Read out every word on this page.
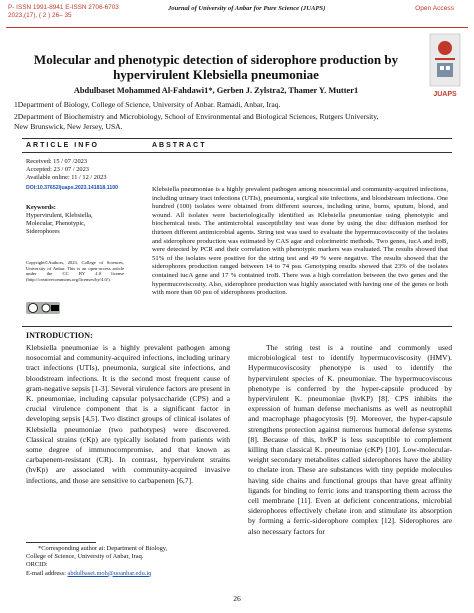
P- ISSN 1991-8941 E-ISSN 2706-6703
2023,(17), ( 2 ) 26– 35
Journal of University of Anbar for Pure Science (JUAPS)	Open Access
JUAPS
Molecular and phenotypic detection of siderophore production by
hypervirulent Klebsiella pneumoniae
Abdulbaset Mohammed Al-Fahdawi1*, Gerben J. Zylstra2, Thamer Y. Mutter1
1Department of Biology, College of Science, University of Anbar. Ramadi, Anbar, Iraq.
2Department of Biochemistry and Microbiology, School of Environmental and Biological Sciences, Rutgers University,
New Brunswick, New Jersey, USA.
ARTICLE INFO	ABSTRACT
Received: 15 / 07 /2023
Accepted: 23 / 07 / 2023
Available online: 11 / 12 / 2023
DOI:10.37652/juaps.2023.141818.1100
Keywords:
Hypervirulent, Klebsiella,
Molecular, Phenotypic,
Siderophores
Copyright©Authors, 2023, College of Sciences, University of Anbar. This is an open-access article under the CC BY 4.0 license (http://creativecommons.org/licenses/by/4.0/).
Klebsiella pneumoniae is a highly prevalent pathogen among nosocomial and community-acquired infections, including urinary tract infections (UTIs), pneumonia, surgical site infections, and bloodstream infections. One hundred (100) isolates were obtained from different sources, including urine, burns, sputum, blood, and wound. All isolates were bacteriologically identified as Klebsiella pneumoniae using phenotypic and biochemical tests. The antimicrobial susceptibility test was done by using the disc diffusion method for thirteen different antimicrobial agents. String test was used to evaluate the hypermucoviscosity of the isolates and siderophore production was estimated by CAS agar and colorimetric methods. Two genes, iucA and iroB, were detected by PCR and their correlation with phenotypic markers was evaluated. The results showed that 51% of the isolates were positive for the string test and 49 % were negative. The results showed that the siderophores production ranged between 14 to 74 psu. Genotyping results showed that 23% of the isolates contained iucA gene and 17 % contained iroB. There was a high correlation between the two genes and the hypermucoviscosity. Also, siderophore production was highly associated with having one of the genes or both with more than 60 psu of siderophores production.
INTRODUCTION:
Klebsiella pneumoniae is a highly prevalent pathogen among nosocomial and community-acquired infections, including urinary tract infections (UTIs), pneumonia, surgical site infections, and bloodstream infections. It is the second most frequent cause of gram-negative sepsis [1-3]. Several virulence factors are present in K. pneumoniae, including capsular polysaccharide (CPS) and a crucial virulence component that is a significant factor in developing sepsis [4,5]. Two distinct groups of clinical isolates of Klebsiella pneumoniae (two pathotypes) were discovered. Classical strains (cKp) are typically isolated from patients with some degree of immunocompromise, and that known as carbapenem-resistant (CR). In contrast, hypervirulent strains (hvKp) are associated with community-acquired invasive infections, and those are sensitive to carbapenem [6,7].
The string test is a routine and commonly used microbiological test to identify hypermucoviscosity (HMV). Hypermucoviscosity phenotype is used to identify the hypervirulent species of K. pneumoniae. The hypermucoviscous phenotype is conferred by the hyper-capsule produced by hypervirulent K. pneumoniae (hvKP) [8]. CPS inhibits the expression of human defense mechanisms as well as neutrophil and macrophage phagocytosis [9]. Moreover, the hyper-capsule strengthens protection against numerous humoral defense systems [8]. Because of this, hvKP is less susceptible to complement killing than classical K. pneumoniae (cKP) [10]. Low-molecular-weight secondary metabolites called siderophores have the ability to chelate iron. These are substances with tiny peptide molecules having side chains and functional groups that have great affinity ligands for binding to ferric ions and transporting them across the cell membrane [11]. Even at deficient concentrations, microbial siderophores effectively chelate iron and stimulate its absorption by forming a ferric-siderophore complex [12]. Siderophores are also necessary factors for
*Corresponding author at: Department of Biology,
College of Science, University of Anbar, Iraq.
ORCID:
E-mail address: abdulbaset.moh@uoanbar.edu.iq
26
